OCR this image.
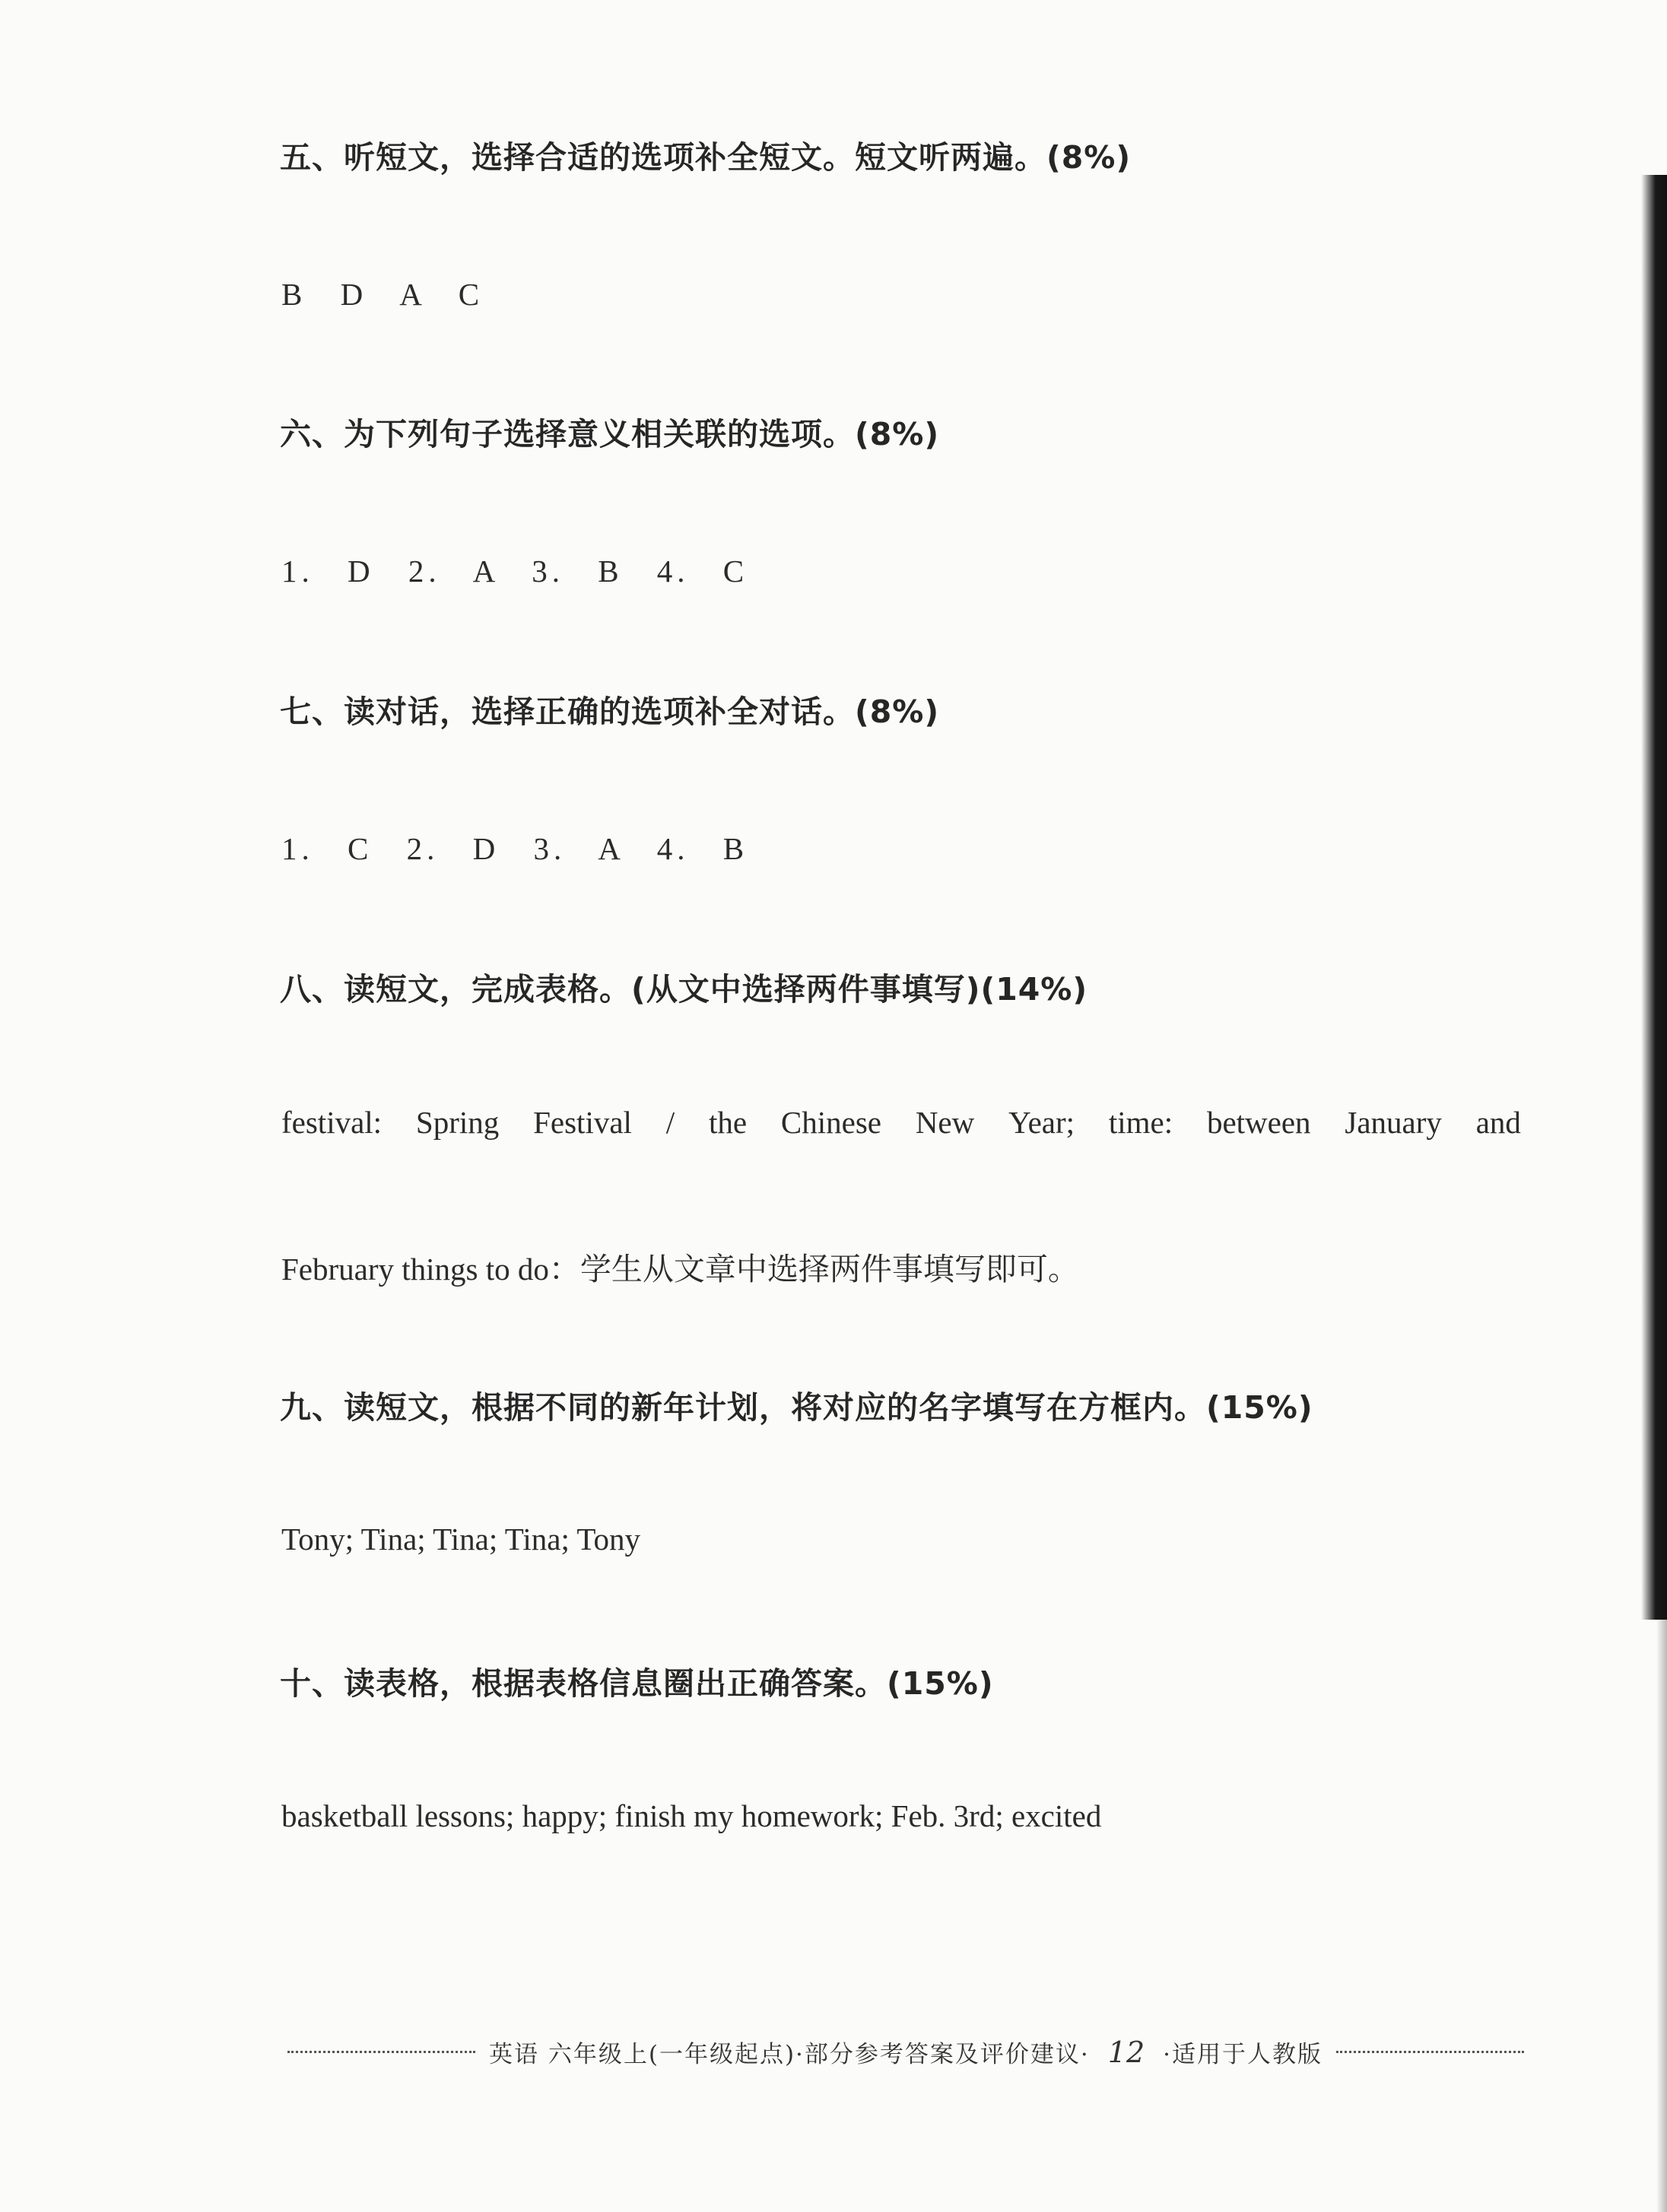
五、听短文，选择合适的选项补全短文。短文听两遍。(8%)
B D A C
六、为下列句子选择意义相关联的选项。(8%)
1. D 2. A 3. B 4. C
七、读对话，选择正确的选项补全对话。(8%)
1. C 2. D 3. A 4. B
八、读短文，完成表格。(从文中选择两件事填写)(14%)
festival: Spring Festival / the Chinese New Year; time: between January and
February things to do：学生从文章中选择两件事填写即可。
九、读短文，根据不同的新年计划，将对应的名字填写在方框内。(15%)
Tony; Tina; Tina; Tina; Tony
十、读表格，根据表格信息圈出正确答案。(15%)
basketball lessons; happy; finish my homework; Feb. 3rd; excited
英语 六年级上(一年级起点)·部分参考答案及评价建议· 12 ·适用于人教版
